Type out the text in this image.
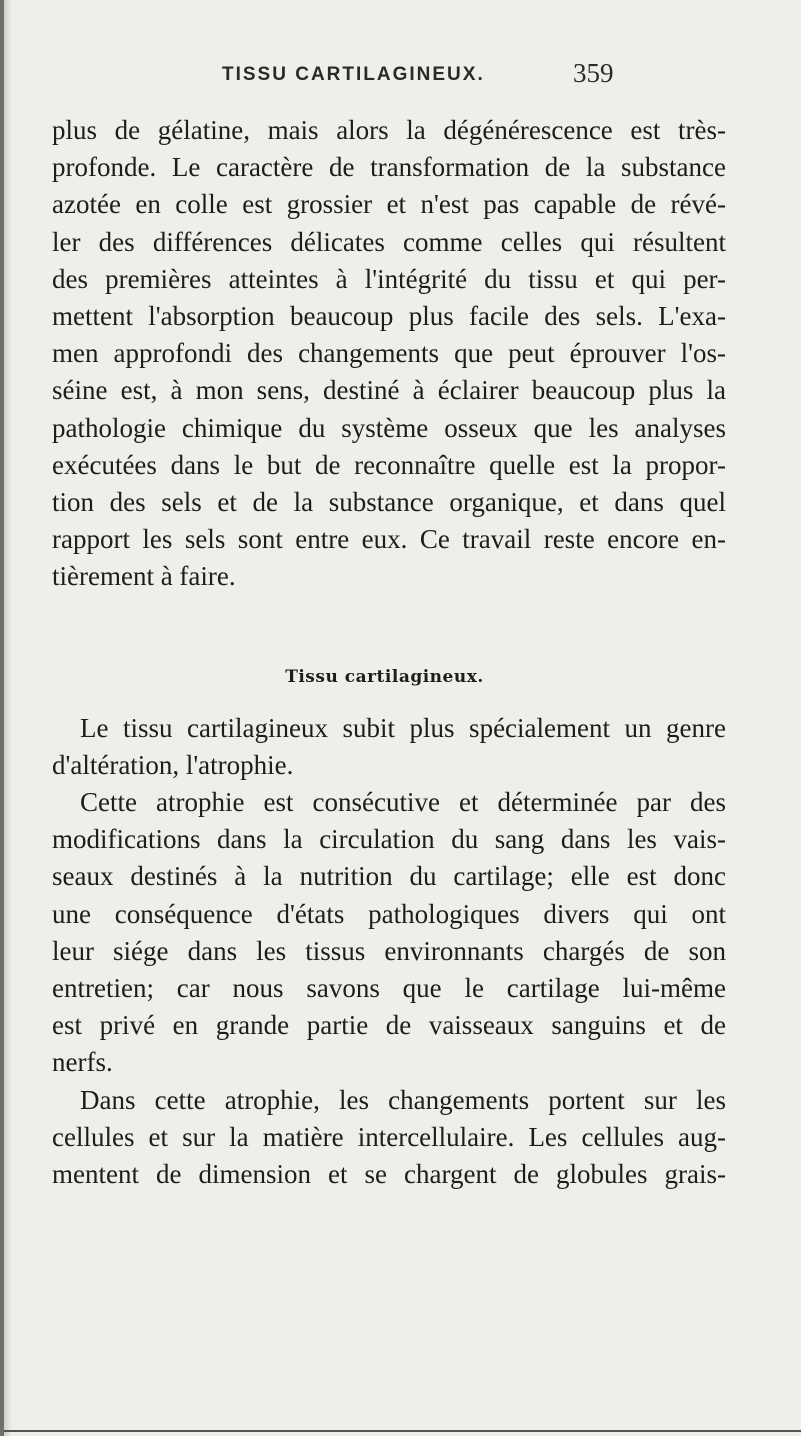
TISSU CARTILAGINEUX.	359

plus de gélatine, mais alors la dégénérescence est très-
profonde. Le caractère de transformation de la substance
azotée en colle est grossier et n'est pas capable de révé-
ler des différences délicates comme celles qui résultent
des premières atteintes à l'intégrité du tissu et qui per-
mettent l'absorption beaucoup plus facile des sels. L'exa-
men approfondi des changements que peut éprouver l'os-
séine est, à mon sens, destiné à éclairer beaucoup plus la
pathologie chimique du système osseux que les analyses
exécutées dans le but de reconnaître quelle est la propor-
tion des sels et de la substance organique, et dans quel
rapport les sels sont entre eux. Ce travail reste encore en-
tièrement à faire.

Tissu cartilagineux.

Le tissu cartilagineux subit plus spécialement un genre
d'altération, l'atrophie.

Cette atrophie est consécutive et déterminée par des
modifications dans la circulation du sang dans les vais-
seaux destinés à la nutrition du cartilage; elle est donc
une conséquence d'états pathologiques divers qui ont
leur siége dans les tissus environnants chargés de son
entretien; car nous savons que le cartilage lui-même
est privé en grande partie de vaisseaux sanguins et de
nerfs.

Dans cette atrophie, les changements portent sur les
cellules et sur la matière intercellulaire. Les cellules aug-
mentent de dimension et se chargent de globules grais-
